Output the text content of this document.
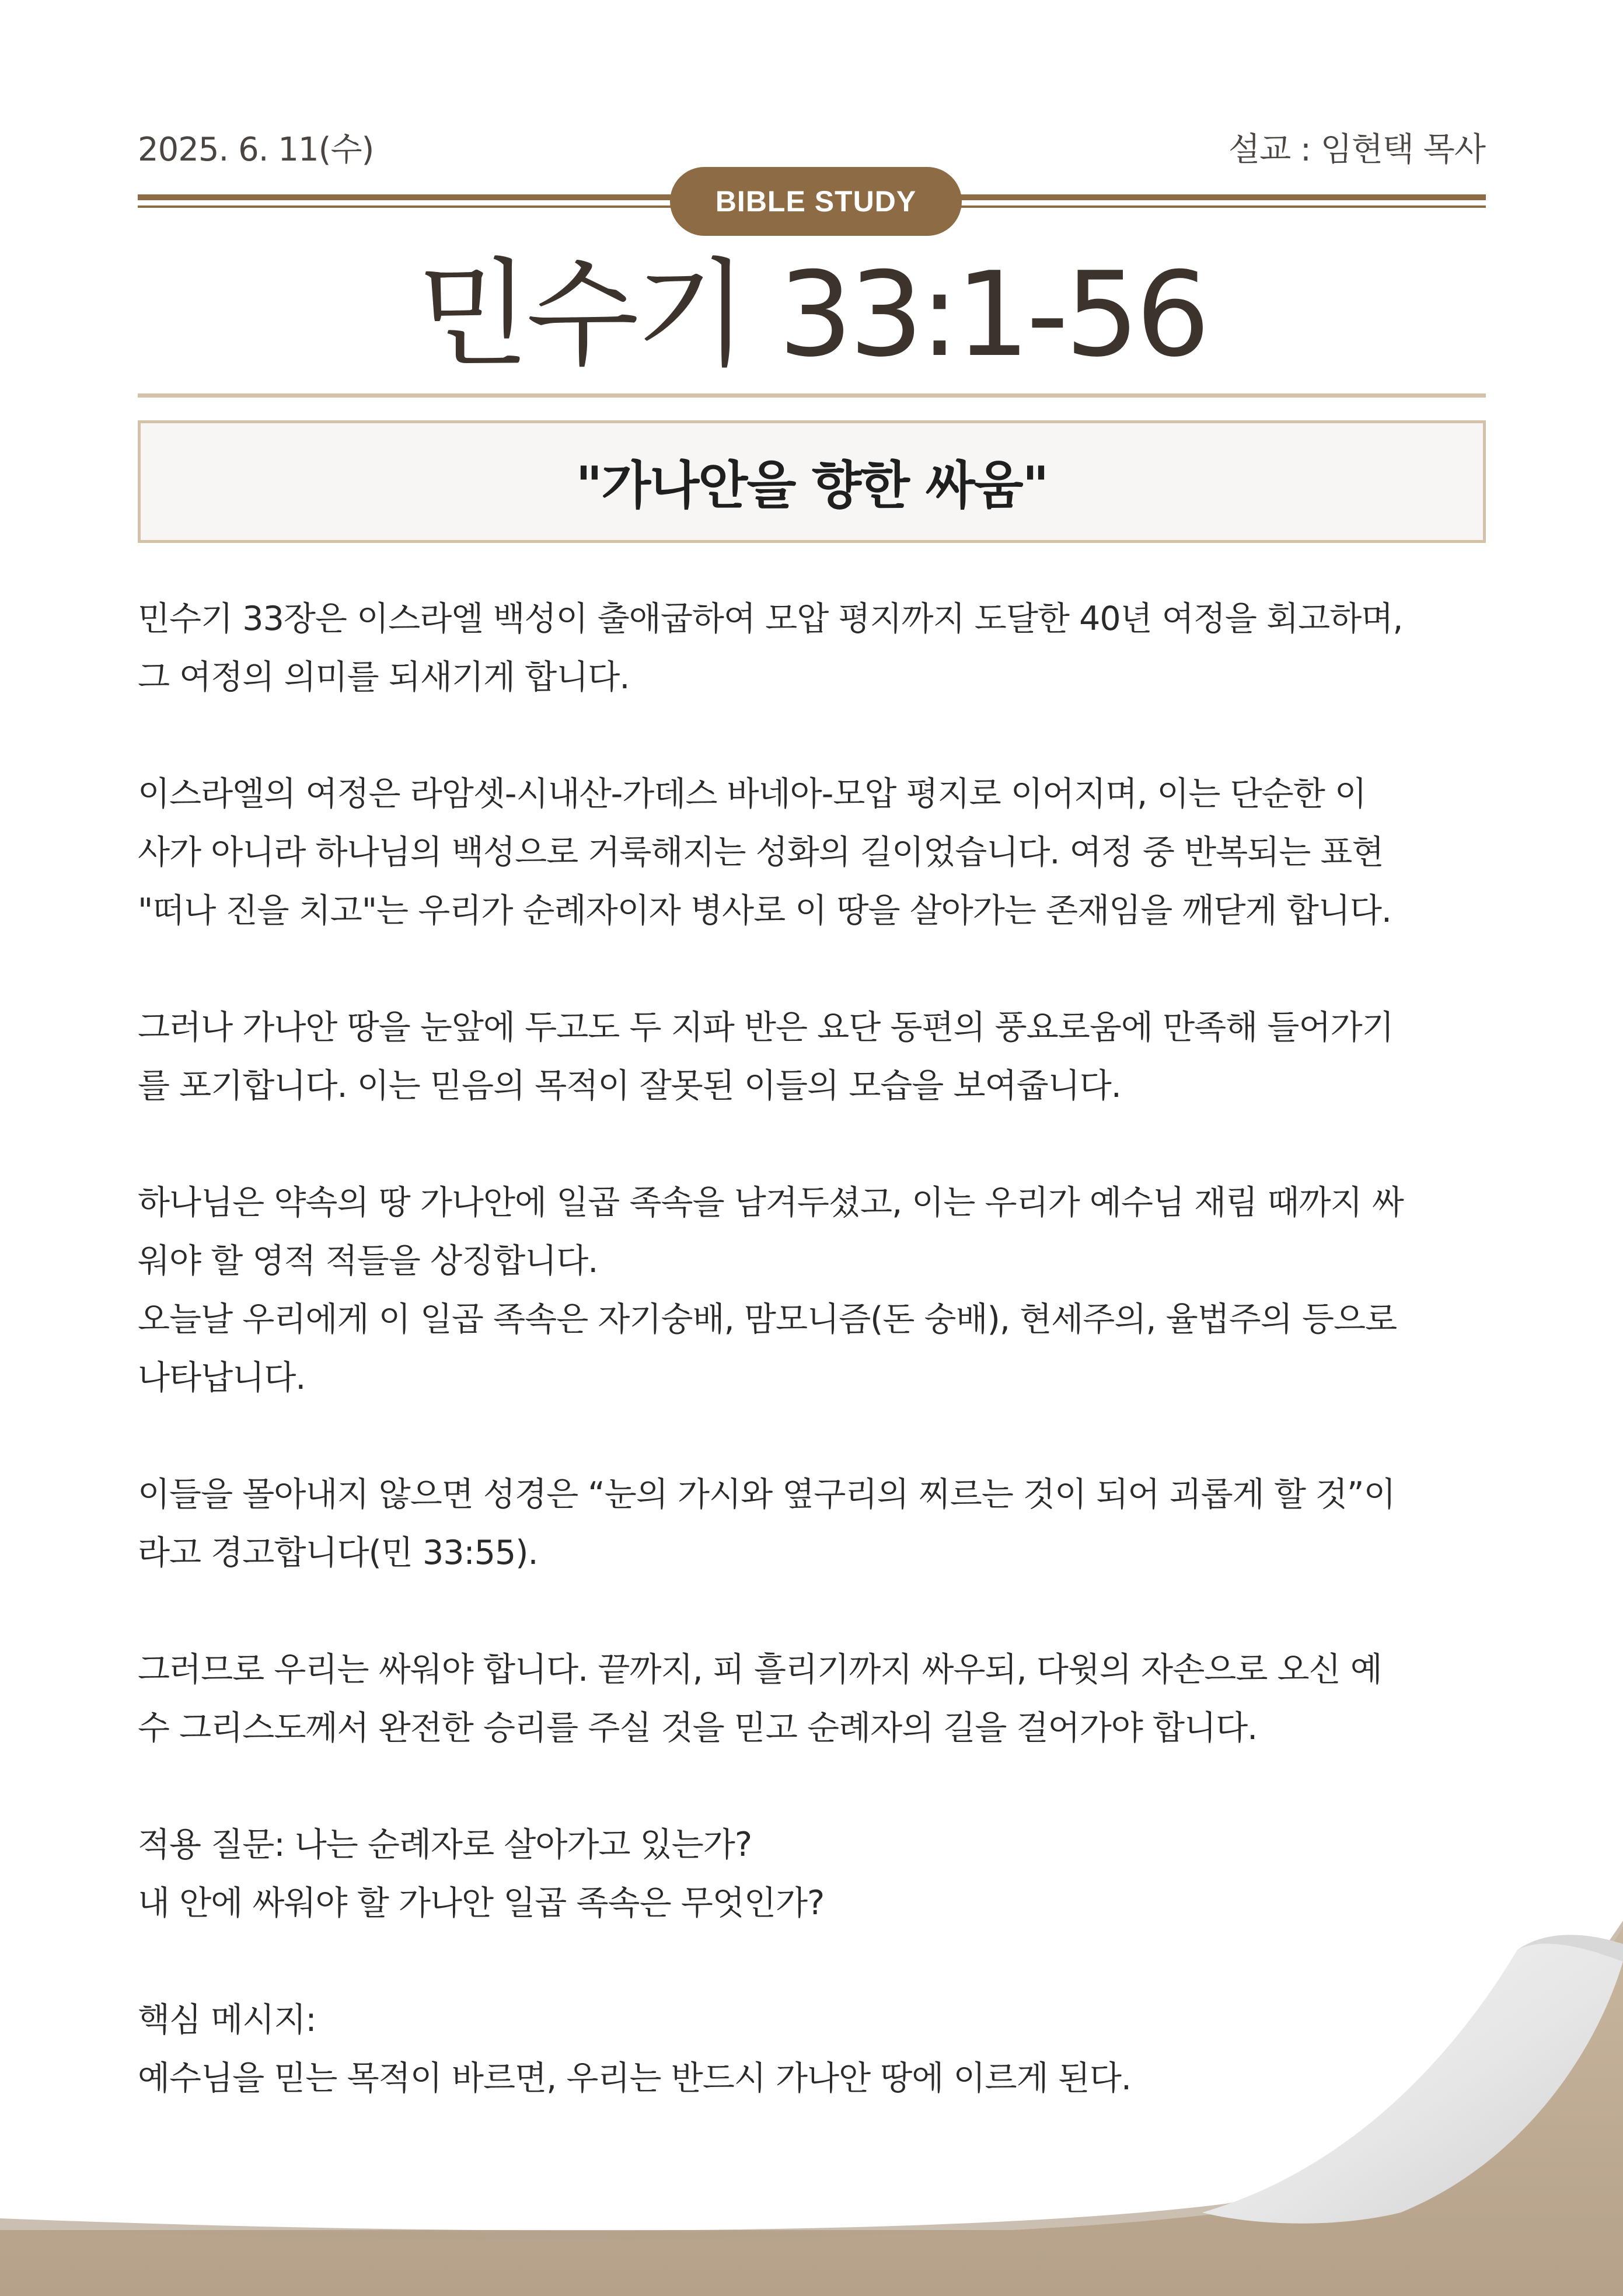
2025. 6. 11(수)	설교 : 임현택 목사
BIBLE STUDY
민수기 33:1-56
"가나안을 향한 싸움"

민수기 33장은 이스라엘 백성이 출애굽하여 모압 평지까지 도달한 40년 여정을 회고하며,
그 여정의 의미를 되새기게 합니다.

이스라엘의 여정은 라암셋-시내산-가데스 바네아-모압 평지로 이어지며, 이는 단순한 이
사가 아니라 하나님의 백성으로 거룩해지는 성화의 길이었습니다. 여정 중 반복되는 표현
"떠나 진을 치고"는 우리가 순례자이자 병사로 이 땅을 살아가는 존재임을 깨닫게 합니다.

그러나 가나안 땅을 눈앞에 두고도 두 지파 반은 요단 동편의 풍요로움에 만족해 들어가기
를 포기합니다. 이는 믿음의 목적이 잘못된 이들의 모습을 보여줍니다.

하나님은 약속의 땅 가나안에 일곱 족속을 남겨두셨고, 이는 우리가 예수님 재림 때까지 싸
워야 할 영적 적들을 상징합니다.
오늘날 우리에게 이 일곱 족속은 자기숭배, 맘모니즘(돈 숭배), 현세주의, 율법주의 등으로
나타납니다.

이들을 몰아내지 않으면 성경은 “눈의 가시와 옆구리의 찌르는 것이 되어 괴롭게 할 것”이
라고 경고합니다(민 33:55).

그러므로 우리는 싸워야 합니다. 끝까지, 피 흘리기까지 싸우되, 다윗의 자손으로 오신 예
수 그리스도께서 완전한 승리를 주실 것을 믿고 순례자의 길을 걸어가야 합니다.

적용 질문: 나는 순례자로 살아가고 있는가?
내 안에 싸워야 할 가나안 일곱 족속은 무엇인가?

핵심 메시지:
예수님을 믿는 목적이 바르면, 우리는 반드시 가나안 땅에 이르게 된다.
